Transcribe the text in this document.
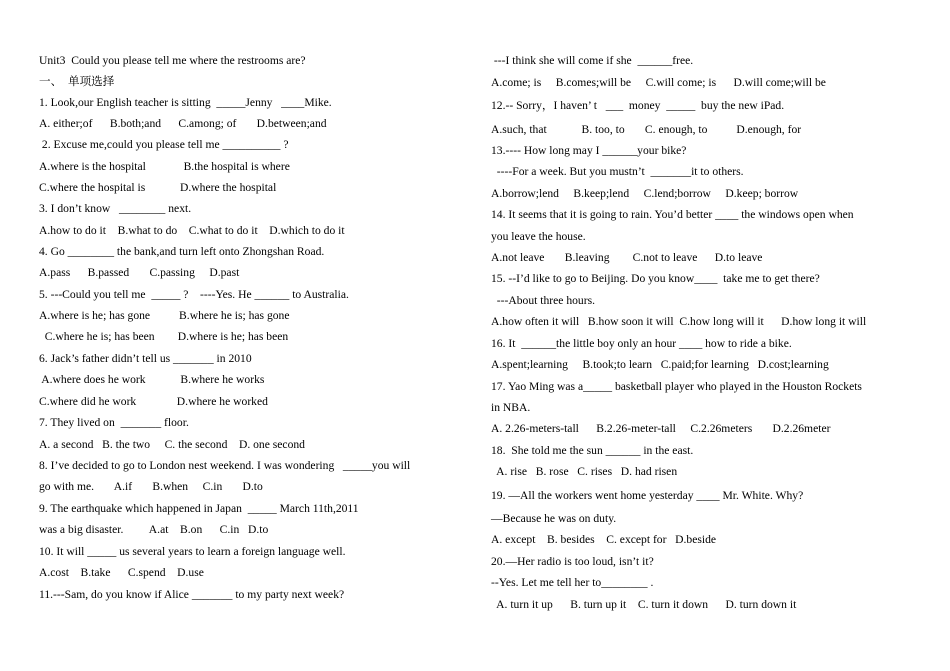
Unit3  Could you please tell me where the restrooms are?
一、  单项选择
1. Look,our English teacher is sitting  _____Jenny   ____Mike.
A. either;of      B.both;and      C.among; of       D.between;and
2. Excuse me,could you please tell me __________ ?
A.where is the hospital             B.the hospital is where
C.where the hospital is            D.where the hospital
3. I don’t know   ________ next.
A.how to do it    B.what to do    C.what to do it    D.which to do it
4. Go ________ the bank,and turn left onto Zhongshan Road.
A.pass      B.passed       C.passing     D.past
5. ---Could you tell me  _____ ?    ----Yes. He ______ to Australia.
A.where is he; has gone          B.where he is; has gone
C.where he is; has been        D.where is he; has been
6. Jack’s father didn’t tell us _______ in 2010
A.where does he work            B.where he works
C.where did he work              D.where he worked
7. They lived on  _______ floor.
A. a second   B. the two     C. the second    D. one second
8. I’ve decided to go to London nest weekend. I was wondering   _____you will
go with me.       A.if       B.when     C.in       D.to
9. The earthquake which happened in Japan  _____ March 11th,2011
was a big disaster.         A.at    B.on      C.in   D.to
10. It will _____ us several years to learn a foreign language well.
A.cost    B.take      C.spend    D.use
11.---Sam, do you know if Alice _______ to my party next week?
---I think she will come if she  ______free.
A.come; is     B.comes;will be     C.will come; is      D.will come;will be
12.-- Sorry，I haven’ t   ___  money  _____  buy the new iPad.
A.such, that            B. too, to       C. enough, to          D.enough, for
13.---- How long may I ______your bike?
----For a week. But you mustn’t  _______it to others.
A.borrow;lend     B.keep;lend     C.lend;borrow     D.keep; borrow
14. It seems that it is going to rain. You’d better ____ the windows open when
you leave the house.
A.not leave       B.leaving        C.not to leave      D.to leave
15. --I’d like to go to Beijing. Do you know____  take me to get there?
---About three hours.
A.how often it will   B.how soon it will  C.how long will it      D.how long it will
16. It  ______the little boy only an hour ____ how to ride a bike.
A.spent;learning     B.took;to learn   C.paid;for learning   D.cost;learning
17. Yao Ming was a_____ basketball player who played in the Houston Rockets
in NBA.
A. 2.26-meters-tall      B.2.26-meter-tall     C.2.26meters       D.2.26meter
18.  She told me the sun ______ in the east.
A. rise   B. rose   C. rises   D. had risen
19. —All the workers went home yesterday ____ Mr. White. Why?
—Because he was on duty.
A. except    B. besides    C. except for   D.beside
20.—Her radio is too loud, isn’t it?
--Yes. Let me tell her to________ .
A. turn it up      B. turn up it    C. turn it down      D. turn down it
